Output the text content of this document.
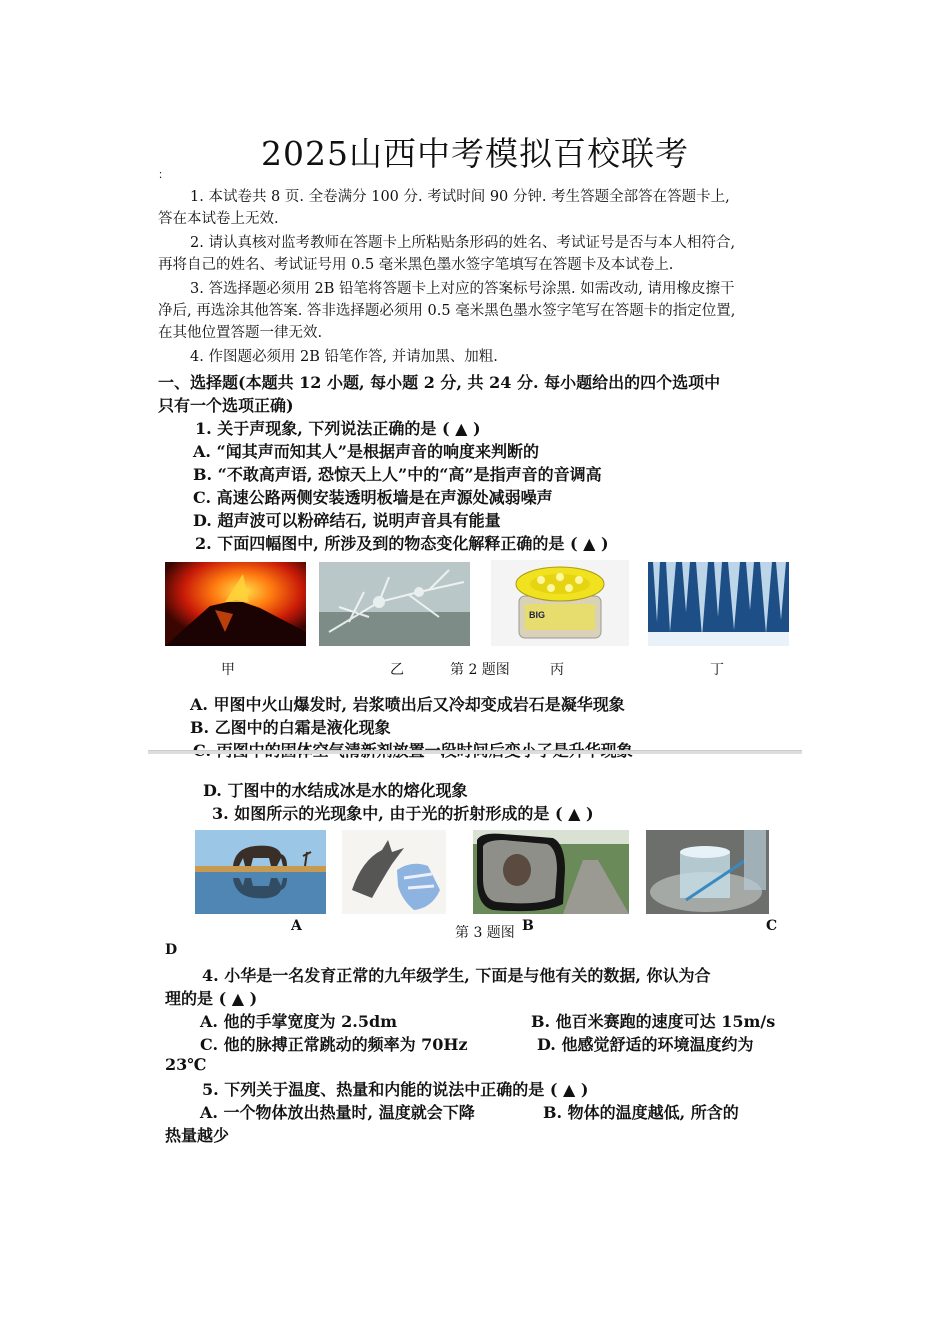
2025山西中考模拟百校联考
：
1. 本试卷共 8 页. 全卷满分 100 分. 考试时间 90 分钟. 考生答题全部答在答题卡上,
答在本试卷上无效.
2. 请认真核对监考教师在答题卡上所粘贴条形码的姓名、考试证号是否与本人相符合,
再将自己的姓名、考试证号用 0.5 毫米黑色墨水签字笔填写在答题卡及本试卷上.
3. 答选择题必须用 2B 铅笔将答题卡上对应的答案标号涂黑. 如需改动, 请用橡皮擦干
净后, 再选涂其他答案. 答非选择题必须用 0.5 毫米黑色墨水签字笔写在答题卡的指定位置,
在其他位置答题一律无效.
4. 作图题必须用 2B 铅笔作答, 并请加黑、加粗.
一、选择题(本题共 12 小题, 每小题 2 分, 共 24 分. 每小题给出的四个选项中
只有一个选项正确)
1. 关于声现象, 下列说法正确的是 ( ▲ )
A. “闻其声而知其人”是根据声音的响度来判断的
B. “不敢高声语, 恐惊天上人”中的“高”是指声音的音调高
C. 高速公路两侧安装透明板墙是在声源处减弱噪声
D. 超声波可以粉碎结石, 说明声音具有能量
2. 下面四幅图中, 所涉及到的物态变化解释正确的是 ( ▲ )
BIG
甲	乙	第 2 题图	丙	丁
A. 甲图中火山爆发时, 岩浆喷出后又冷却变成岩石是凝华现象
B. 乙图中的白霜是液化现象
D. 丁图中的水结成冰是水的熔化现象
3. 如图所示的光现象中, 由于光的折射形成的是 ( ▲ )
A	第 3 题图 B	C
D
4. 小华是一名发育正常的九年级学生, 下面是与他有关的数据, 你认为合
理的是 ( ▲ )
A. 他的手掌宽度为 2.5dm	B. 他百米赛跑的速度可达 15m/s
C. 他的脉搏正常跳动的频率为 70Hz	D. 他感觉舒适的环境温度约为
23℃
5. 下列关于温度、热量和内能的说法中正确的是 ( ▲ )
A. 一个物体放出热量时, 温度就会下降	B. 物体的温度越低, 所含的
热量越少
